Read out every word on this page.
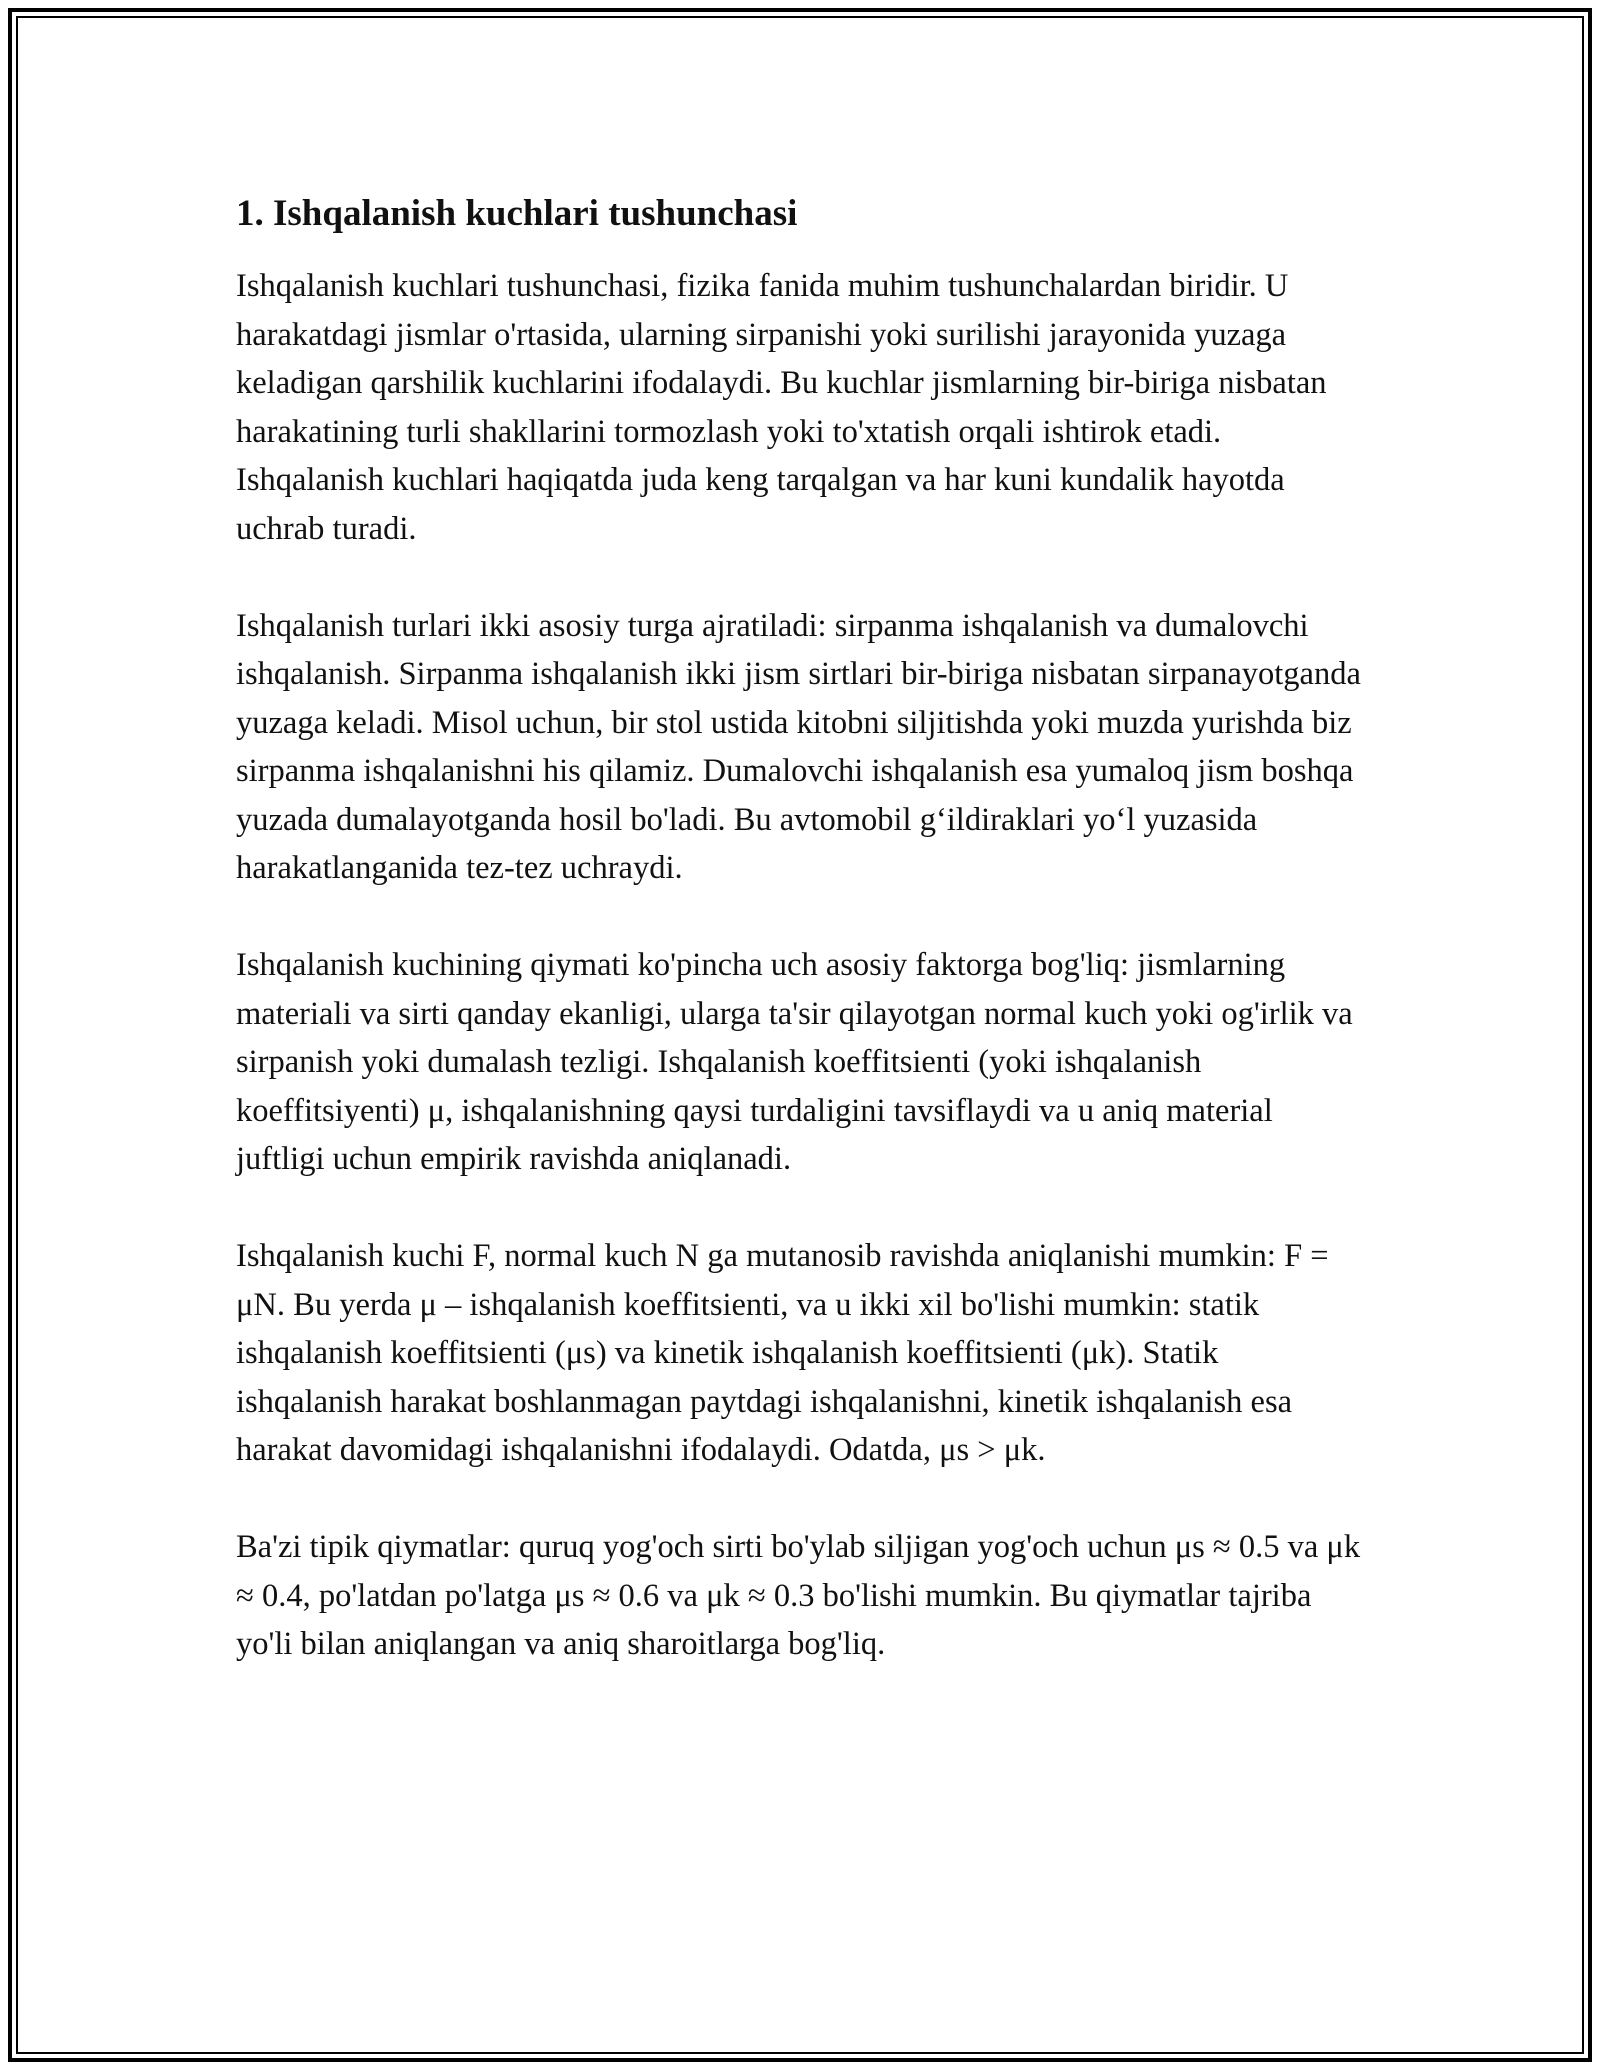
1. Ishqalanish kuchlari tushunchasi

Ishqalanish kuchlari tushunchasi, fizika fanida muhim tushunchalardan biridir. U harakatdagi jismlar o'rtasida, ularning sirpanishi yoki surilishi jarayonida yuzaga keladigan qarshilik kuchlarini ifodalaydi. Bu kuchlar jismlarning bir-biriga nisbatan harakatining turli shakllarini tormozlash yoki to'xtatish orqali ishtirok etadi. Ishqalanish kuchlari haqiqatda juda keng tarqalgan va har kuni kundalik hayotda uchrab turadi.

Ishqalanish turlari ikki asosiy turga ajratiladi: sirpanma ishqalanish va dumalovchi ishqalanish. Sirpanma ishqalanish ikki jism sirtlari bir-biriga nisbatan sirpanayotganda yuzaga keladi. Misol uchun, bir stol ustida kitobni siljitishda yoki muzda yurishda biz sirpanma ishqalanishni his qilamiz. Dumalovchi ishqalanish esa yumaloq jism boshqa yuzada dumalayotganda hosil bo'ladi. Bu avtomobil g‘ildiraklari yo‘l yuzasida harakatlanganida tez-tez uchraydi.

Ishqalanish kuchining qiymati ko'pincha uch asosiy faktorga bog'liq: jismlarning materiali va sirti qanday ekanligi, ularga ta'sir qilayotgan normal kuch yoki og'irlik va sirpanish yoki dumalash tezligi. Ishqalanish koeffitsienti (yoki ishqalanish koeffitsiyenti) μ, ishqalanishning qaysi turdaligini tavsiflaydi va u aniq material juftligi uchun empirik ravishda aniqlanadi.

Ishqalanish kuchi F, normal kuch N ga mutanosib ravishda aniqlanishi mumkin: F = μN. Bu yerda μ – ishqalanish koeffitsienti, va u ikki xil bo'lishi mumkin: statik ishqalanish koeffitsienti (μs) va kinetik ishqalanish koeffitsienti (μk). Statik ishqalanish harakat boshlanmagan paytdagi ishqalanishni, kinetik ishqalanish esa harakat davomidagi ishqalanishni ifodalaydi. Odatda, μs > μk.

Ba'zi tipik qiymatlar: quruq yog'och sirti bo'ylab siljigan yog'och uchun μs ≈ 0.5 va μk ≈ 0.4, po'latdan po'latga μs ≈ 0.6 va μk ≈ 0.3 bo'lishi mumkin. Bu qiymatlar tajriba yo'li bilan aniqlangan va aniq sharoitlarga bog'liq.
